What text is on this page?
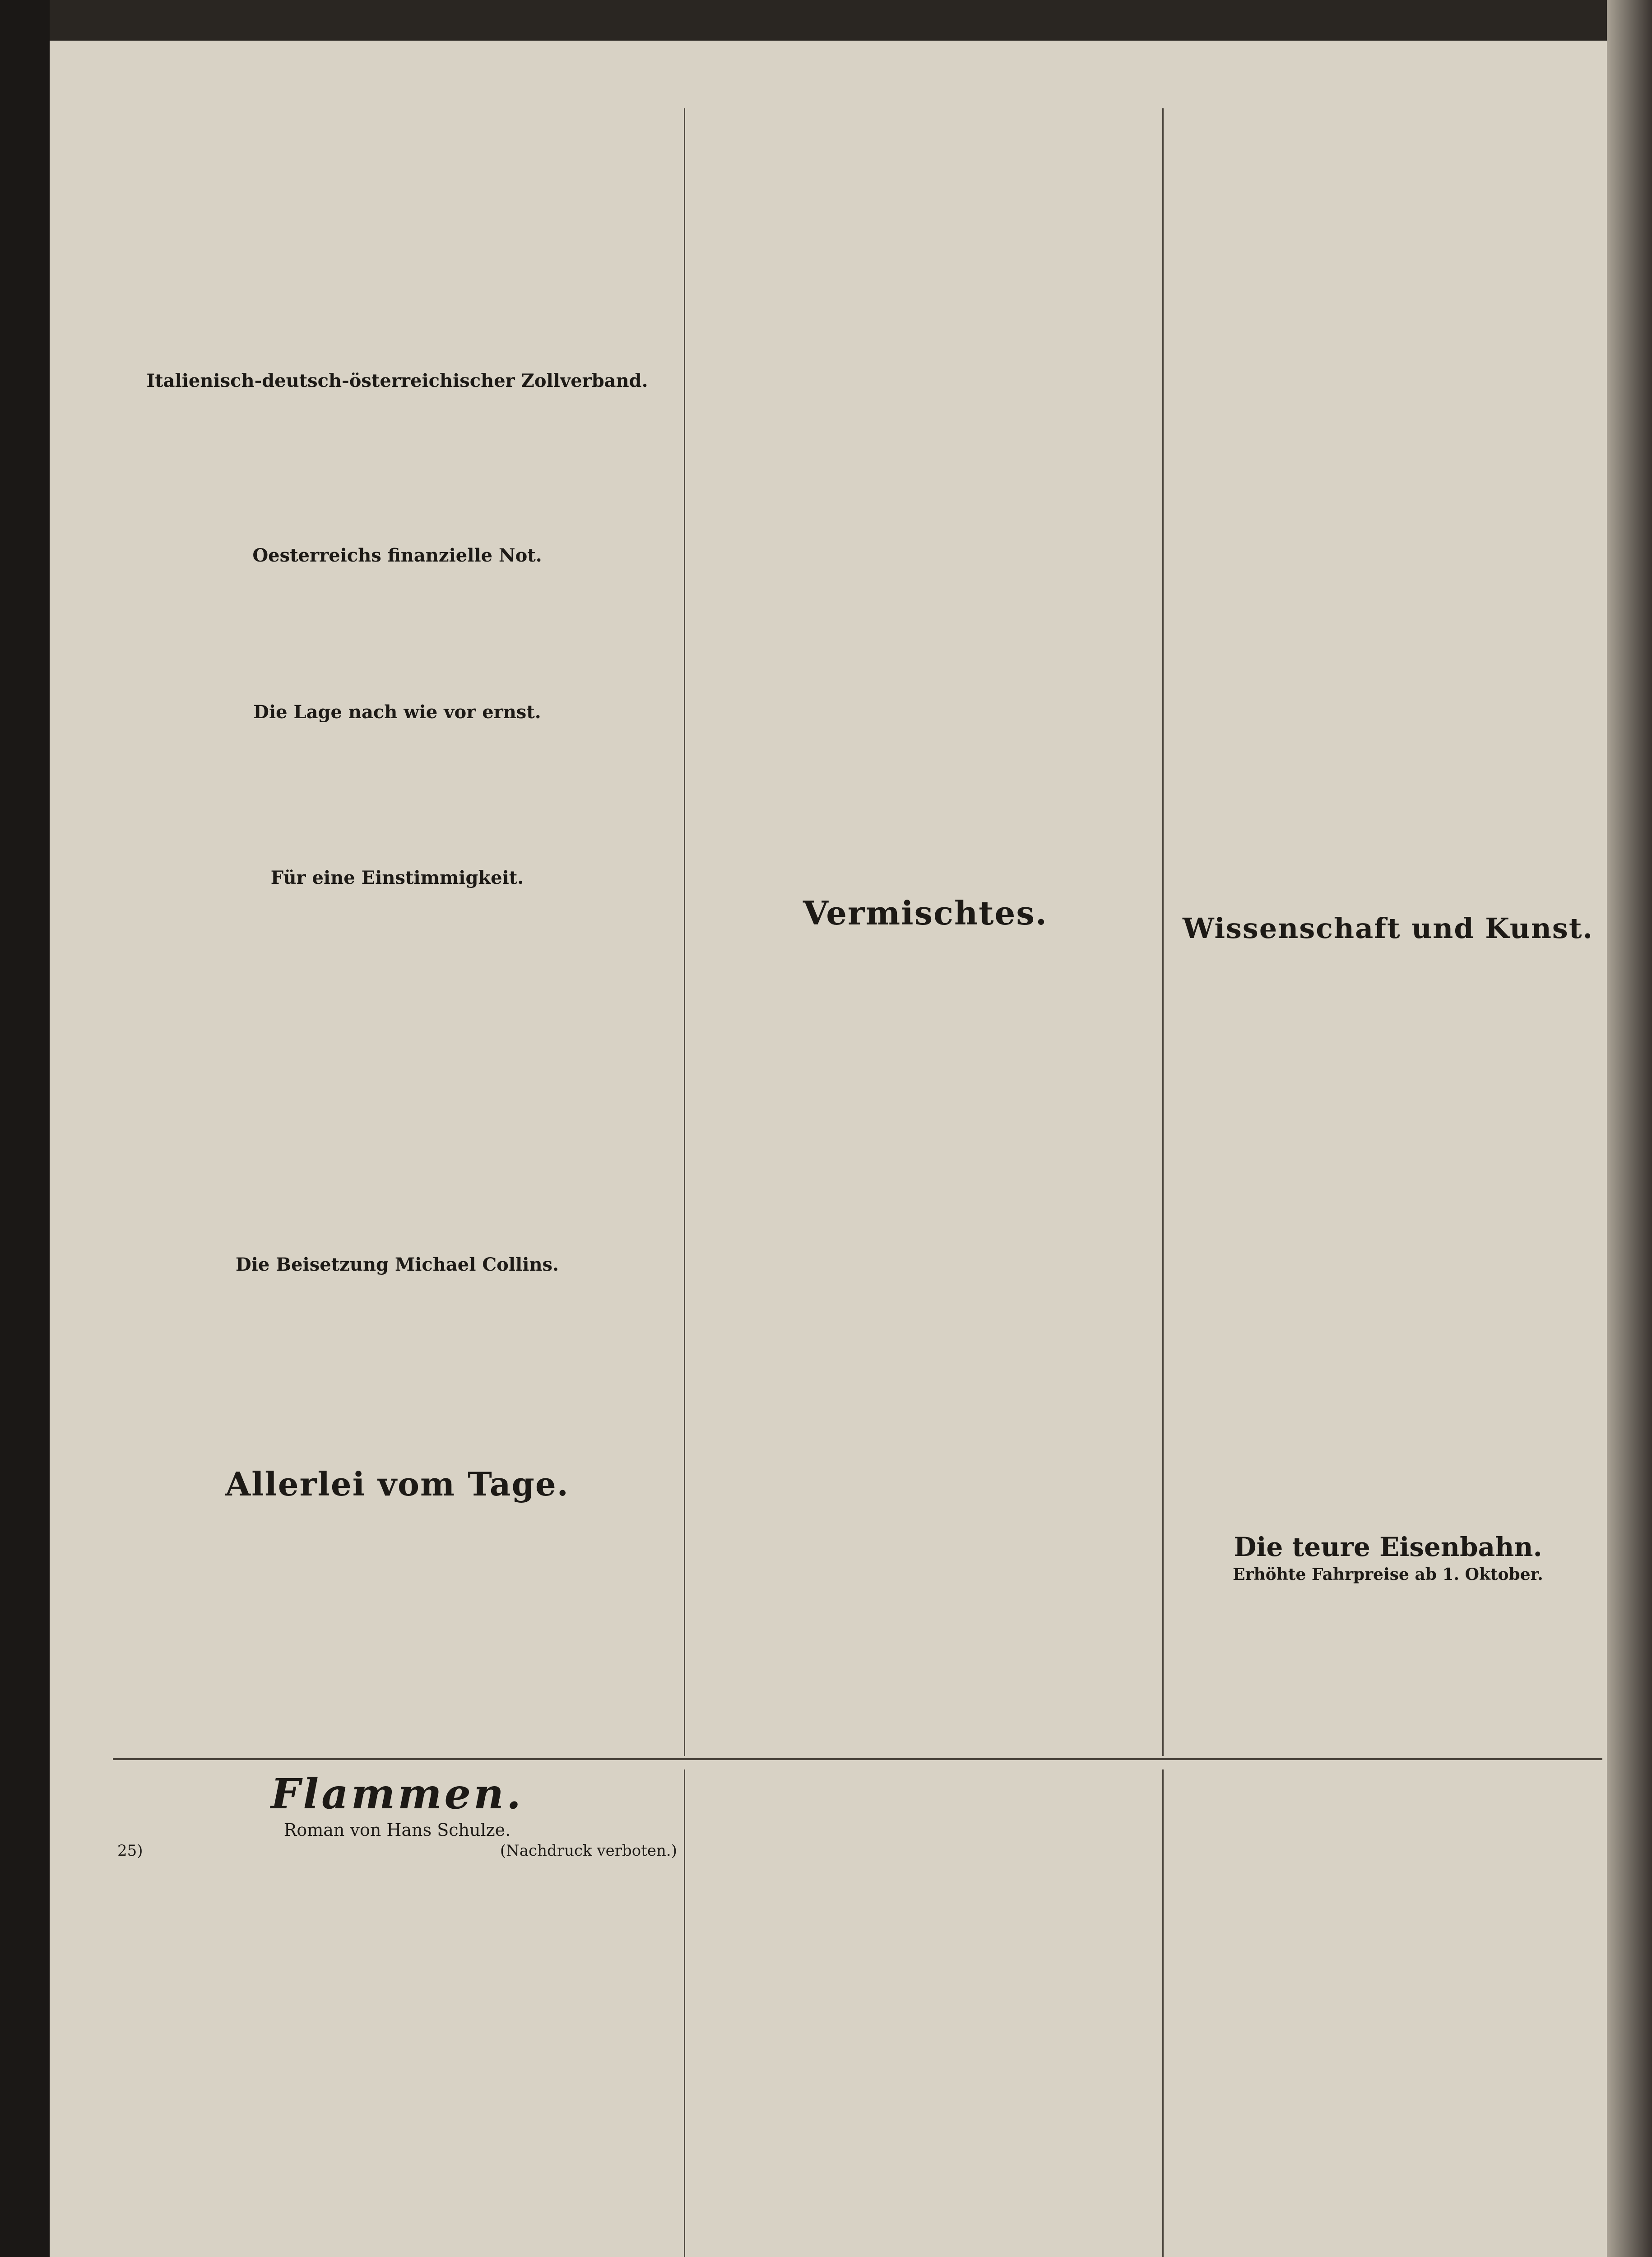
Italienisch-deutsch-österreichischer Zollverband.

Oesterreichs finanzielle Not.

Die Lage nach wie vor ernst.

Für eine Einstimmigkeit.

Die Beisetzung Michael Collins.

Allerlei vom Tage.
Vermischtes.	Wissenschaft und Kunst.
Die teure Eisenbahn.

Erhöhte Fahrpreise ab 1. Oktober.

Flammen.

Roman von Hans Schulze.

25)	(Nachdruck verboten.)
